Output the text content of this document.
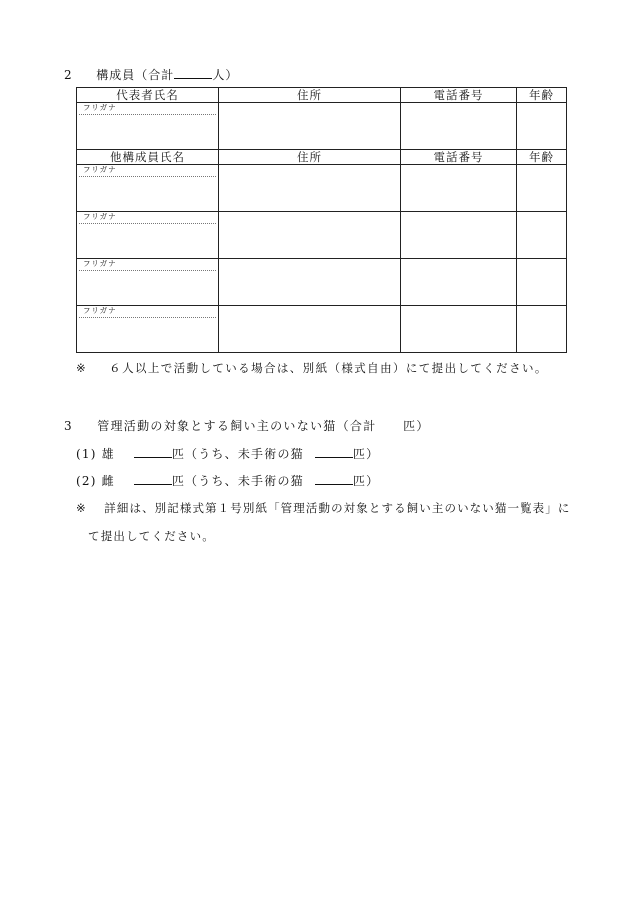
2 構成員（合計	人）
代表者氏名	住所	電話番号	年齢

フリガナ			

他構成員氏名	住所	電話番号	年齢

フリガナ			

フリガナ			

フリガナ			

フリガナ			

※ ６人以上で活動している場合は、別紙（様式自由）にて提出してください。
3 管理活動の対象とする飼い主のいない猫（合計　　匹）
(1) 雄	匹（うち、未手術の猫	匹）
(2) 雌	匹（うち、未手術の猫	匹）
※ 詳細は、別記様式第１号別紙「管理活動の対象とする飼い主のいない猫一覧表」に
て提出してください。
